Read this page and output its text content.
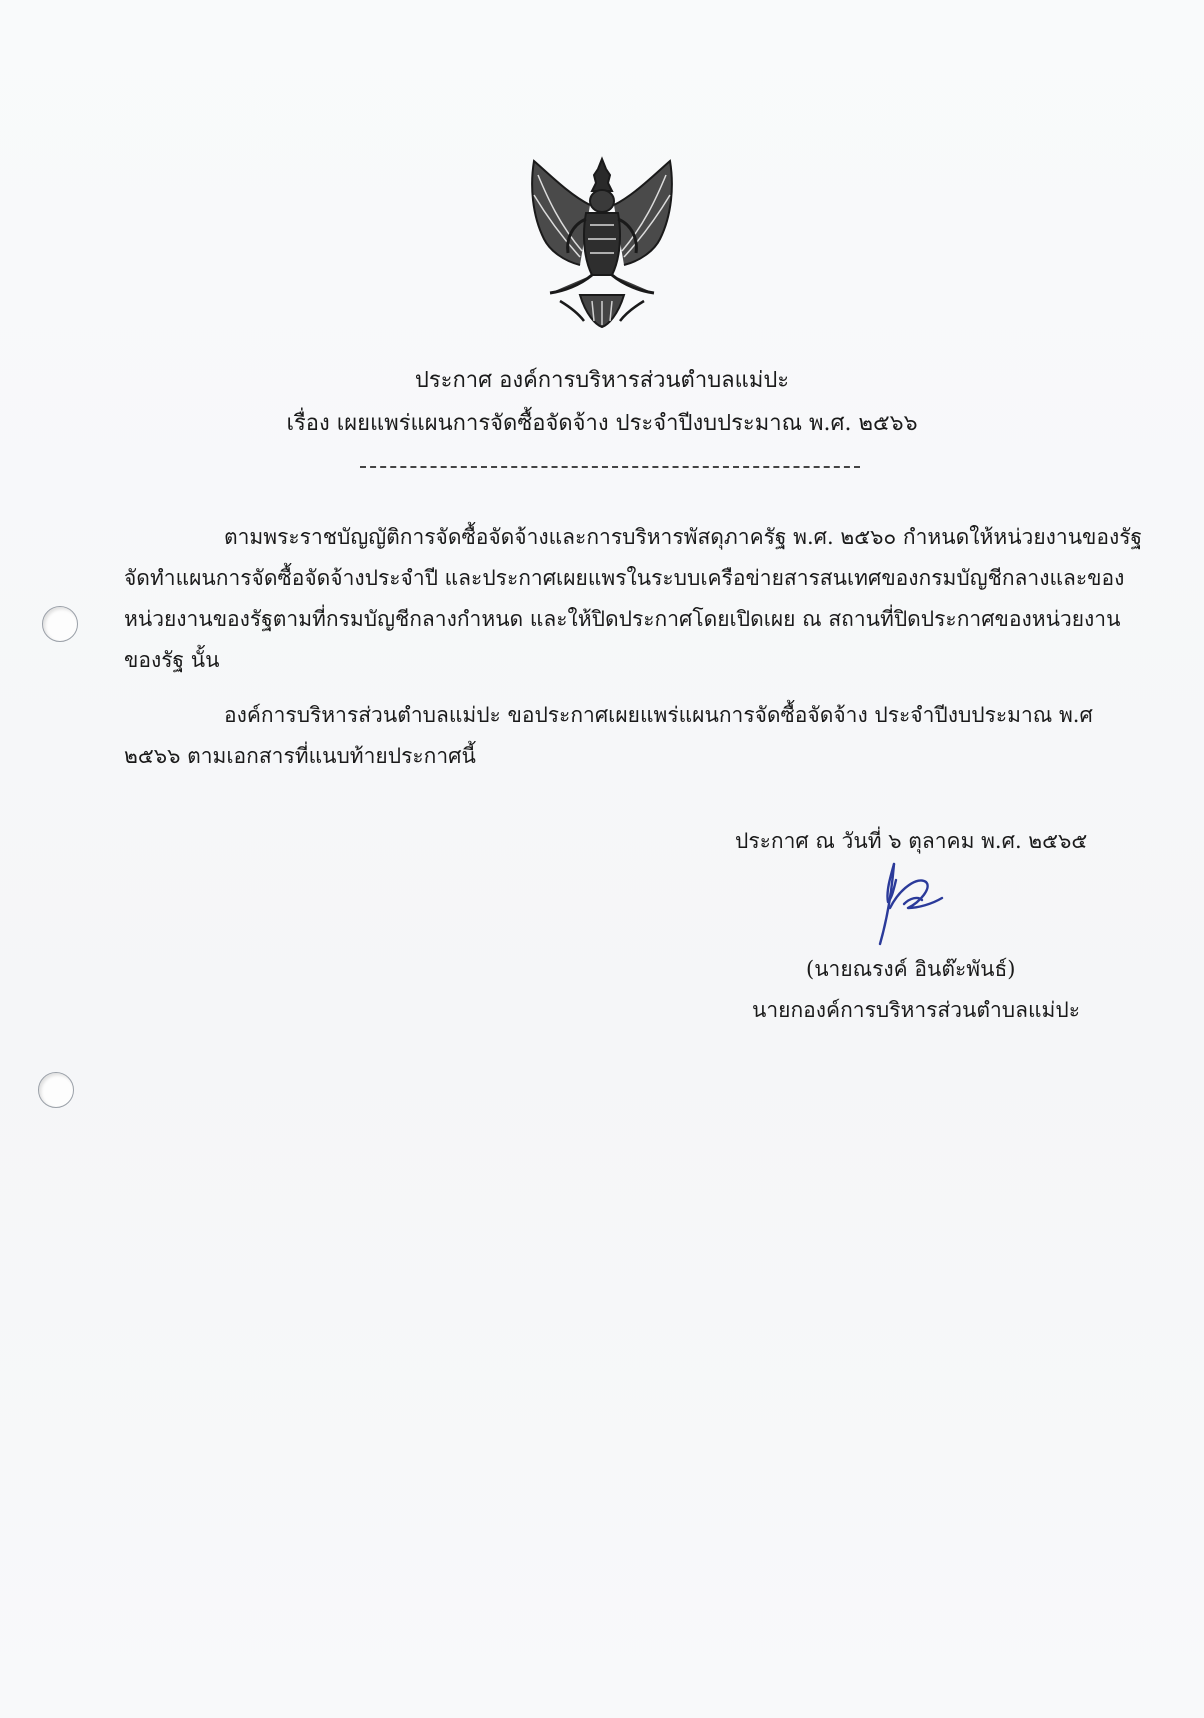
ประกาศ องค์การบริหารส่วนตำบลแม่ปะ
เรื่อง เผยแพร่แผนการจัดซื้อจัดจ้าง ประจำปีงบประมาณ พ.ศ. ๒๕๖๖
ตามพระราชบัญญัติการจัดซื้อจัดจ้างและการบริหารพัสดุภาครัฐ พ.ศ. ๒๕๖๐ กำหนดให้หน่วยงานของรัฐ
จัดทำแผนการจัดซื้อจัดจ้างประจำปี และประกาศเผยแพรในระบบเครือข่ายสารสนเทศของกรมบัญชีกลางและของ
หน่วยงานของรัฐตามที่กรมบัญชีกลางกำหนด และให้ปิดประกาศโดยเปิดเผย ณ สถานที่ปิดประกาศของหน่วยงาน
ของรัฐ นั้น
องค์การบริหารส่วนตำบลแม่ปะ ขอประกาศเผยแพร่แผนการจัดซื้อจัดจ้าง ประจำปีงบประมาณ พ.ศ
๒๕๖๖ ตามเอกสารที่แนบท้ายประกาศนี้
ประกาศ ณ วันที่ ๖ ตุลาคม พ.ศ. ๒๕๖๕
(นายณรงค์ อินต๊ะพันธ์)
นายกองค์การบริหารส่วนตำบลแม่ปะ
